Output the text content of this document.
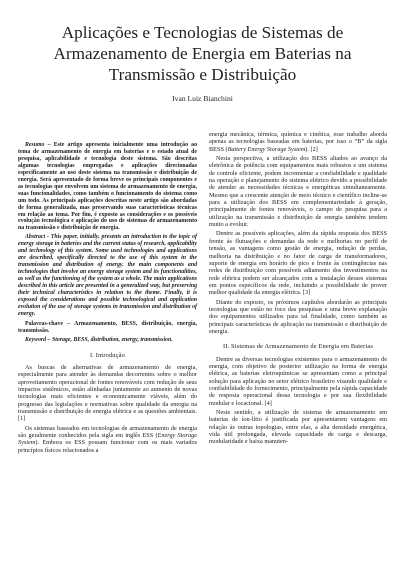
Aplicações e Tecnologias de Sistemas de Armazenamento de Energia em Baterias na Transmissão e Distribuição
Ivan Luiz Bianchini

Resumo – Este artigo apresenta inicialmente uma introdução ao tema de armazenamento de energia em baterias e o estado atual de pesquisa, aplicabilidade e tecnologia deste sistema. São descritas algumas tecnologias empregadas e aplicações direcionadas especificamente ao uso deste sistema na transmissão e distribuição de energia. Será apresentado de forma breve os principais componentes e as tecnologias que envolvem um sistema de armazenamento de energia, suas funcionalidades, como também o funcionamento do sistema como um todo. As principais aplicações descritas neste artigo são abordadas de forma generalizada, mas preservando suas características técnicas em relação ao tema. Por fim, é exposto as considerações e os possíveis evolução tecnológica e aplicação do uso de sistemas de armazenamento na transmissão e distribuição de energia.

Abstract - This paper, initially, presents an introduction to the topic of energy storage in batteries and the current status of research, applicability and technology of this system. Some used technologies and applications are described, specifically directed to the use of this system in the transmission and distribution of energy. the main components and technologies that involve an energy storage system and its functionalities, as well as the functioning of the system as a whole. The main applications described in this article are presented in a generalized way, but preserving their technical characteristics in relation to the theme. Finally, it is exposed the considerations and possible technological and application evolution of the use of storage systems in transmission and distribution of energy.

Palavras-chave – Armazenamento, BESS, distribuição, energia, transmissão.

Keyword – Storage, BESS, distribution, energy, transmission.

I. Introdução

As buscas de alternativas de armazenamento de energia, especialmente para atender às demandas decorrentes sobre o melhor aproveitamento operacional de fontes renováveis com redução de seus impactos sistêmicos, estão alinhadas juntamente ao aumento de novas tecnologias mais eficientes e economicamente viáveis, além do progresso das legislações e normativas sobre qualidade da energia na transmissão e distribuição de energia elétrica e as questões ambientais. [1]

Os sistemas baseados em tecnologias de armazenamento de energia são geralmente conhecidos pela sigla em inglês ESS (Energy Storage System). Embora os ESS possam funcionar com os mais variados princípios físicos relacionados a

energia mecânica, térmica, química e cinética, esse trabalho aborda apenas as tecnologias baseadas em baterias, por isso o “B” da sigla BESS (Battery Energy Storage System). [2]

Nesta perspectiva, a utilização dos BESS aliados ao avanço da eletrônica de potência com equipamentos mais robustos e um sistema de controle eficiente, podem incrementar a confiabilidade e qualidade na operação e planejamento do sistema elétrico devido a possibilidade de atender as necessidades técnicas e energéticas simultaneamente. Mesmo que a crescente atenção de meio técnico e científico incline-se para a utilização dos BESS em complementariedade à geração, principalmente de fontes renováveis, o campo de pesquisa para a utilização na transmissão e distribuição de energia também tendem muito a evoluir.

Dentre as possíveis aplicações, além da rápida resposta dos BESS frente às flutuações e demandas da rede e melhorias no perfil de tensão, as vantagens como gestão de energia, redução de perdas, melhoria na distribuição e no fator de carga de transformadores, suporte de energia em horário de pico e frente às contingências nas redes de distribuição com possíveis adiamento dos investimentos na rede elétrica podem ser alcançados com a instalação desses sistemas em pontos específicos da rede, incluindo a possibilidade de prover melhor qualidade da energia elétrica. [3]

Diante do exposto, os próximos capítulos abordarão as principais tecnologias que estão no foco das pesquisas e uma breve explanação dos equipamentos utilizados para tal finalidade, como também as principais características de aplicação na transmissão e distribuição de energia.

II. Sistemas de Armazenamento de Energia em Baterias

Dentre as diversas tecnologias existentes para o armazenamento de energia, com objetivo de posterior utilização na forma de energia elétrica, as baterias eletroquímicas se apresentam como a principal solução para aplicação no setor elétrico brasileiro visando qualidade e confiabilidade do fornecimento, principalmente pela rápida capacidade de resposta operacional dessa tecnologia e por sua flexibilidade modular e locacional. [4]

Neste sentido, a utilização de sistema de armazenamento em baterias de íon-lítio é justificada por apresentarem vantagens em relação às outras topologias, entre elas, a alta densidade energética, vida útil prolongada, elevada capacidade de carga e descarga, modularidade e baixa manuten-
